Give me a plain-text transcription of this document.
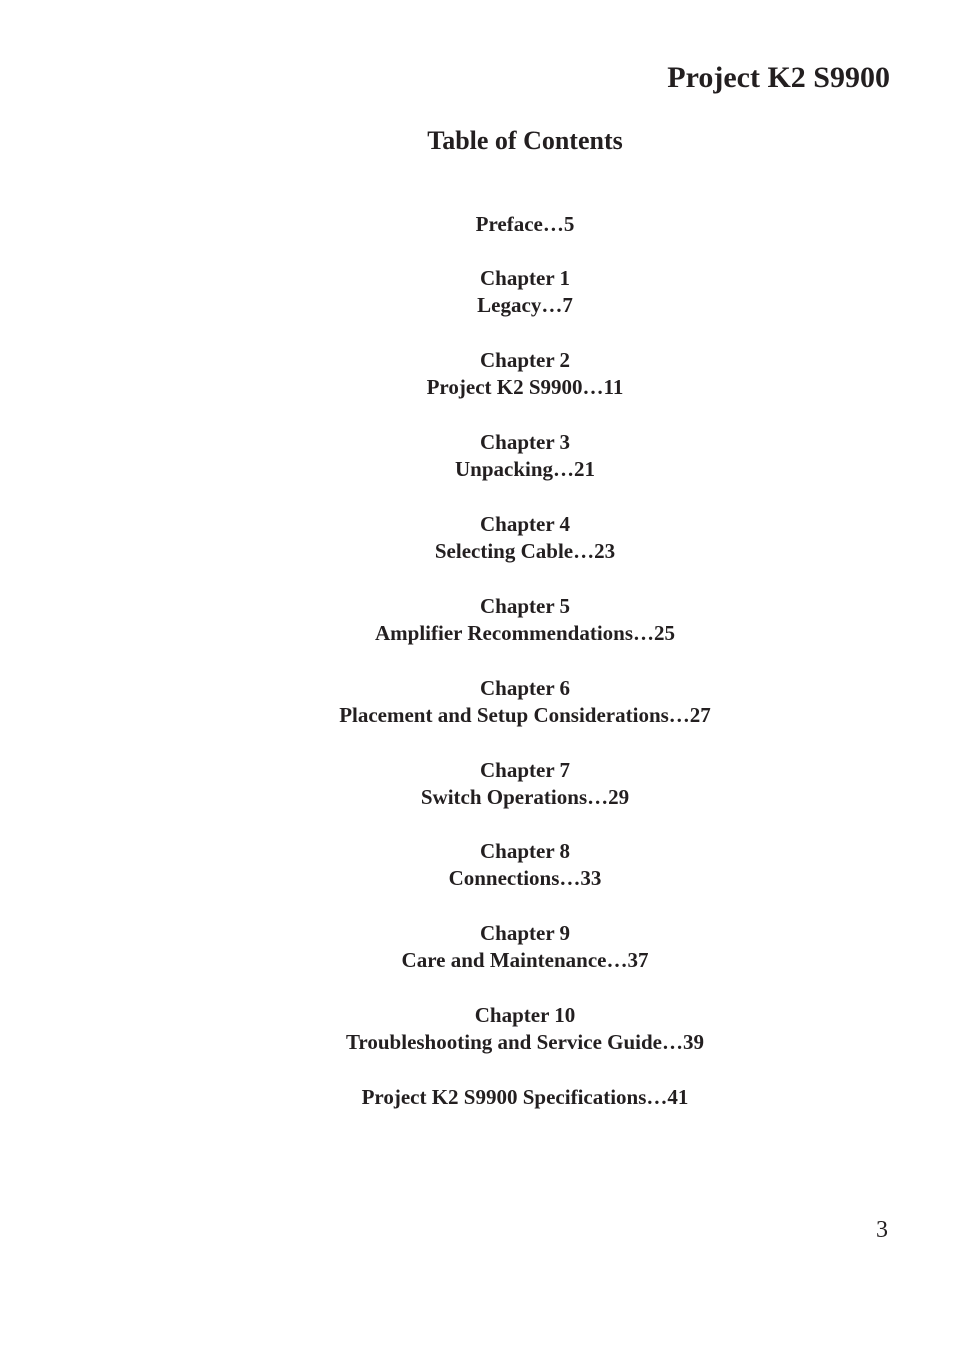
Project K2 S9900
Table of Contents
Preface…5
Chapter 1
Legacy…7
Chapter 2
Project K2 S9900…11
Chapter 3
Unpacking…21
Chapter 4
Selecting Cable…23
Chapter 5
Amplifier Recommendations…25
Chapter 6
Placement and Setup Considerations…27
Chapter 7
Switch Operations…29
Chapter 8
Connections…33
Chapter 9
Care and Maintenance…37
Chapter 10
Troubleshooting and Service Guide…39
Project K2 S9900 Specifications…41
3
